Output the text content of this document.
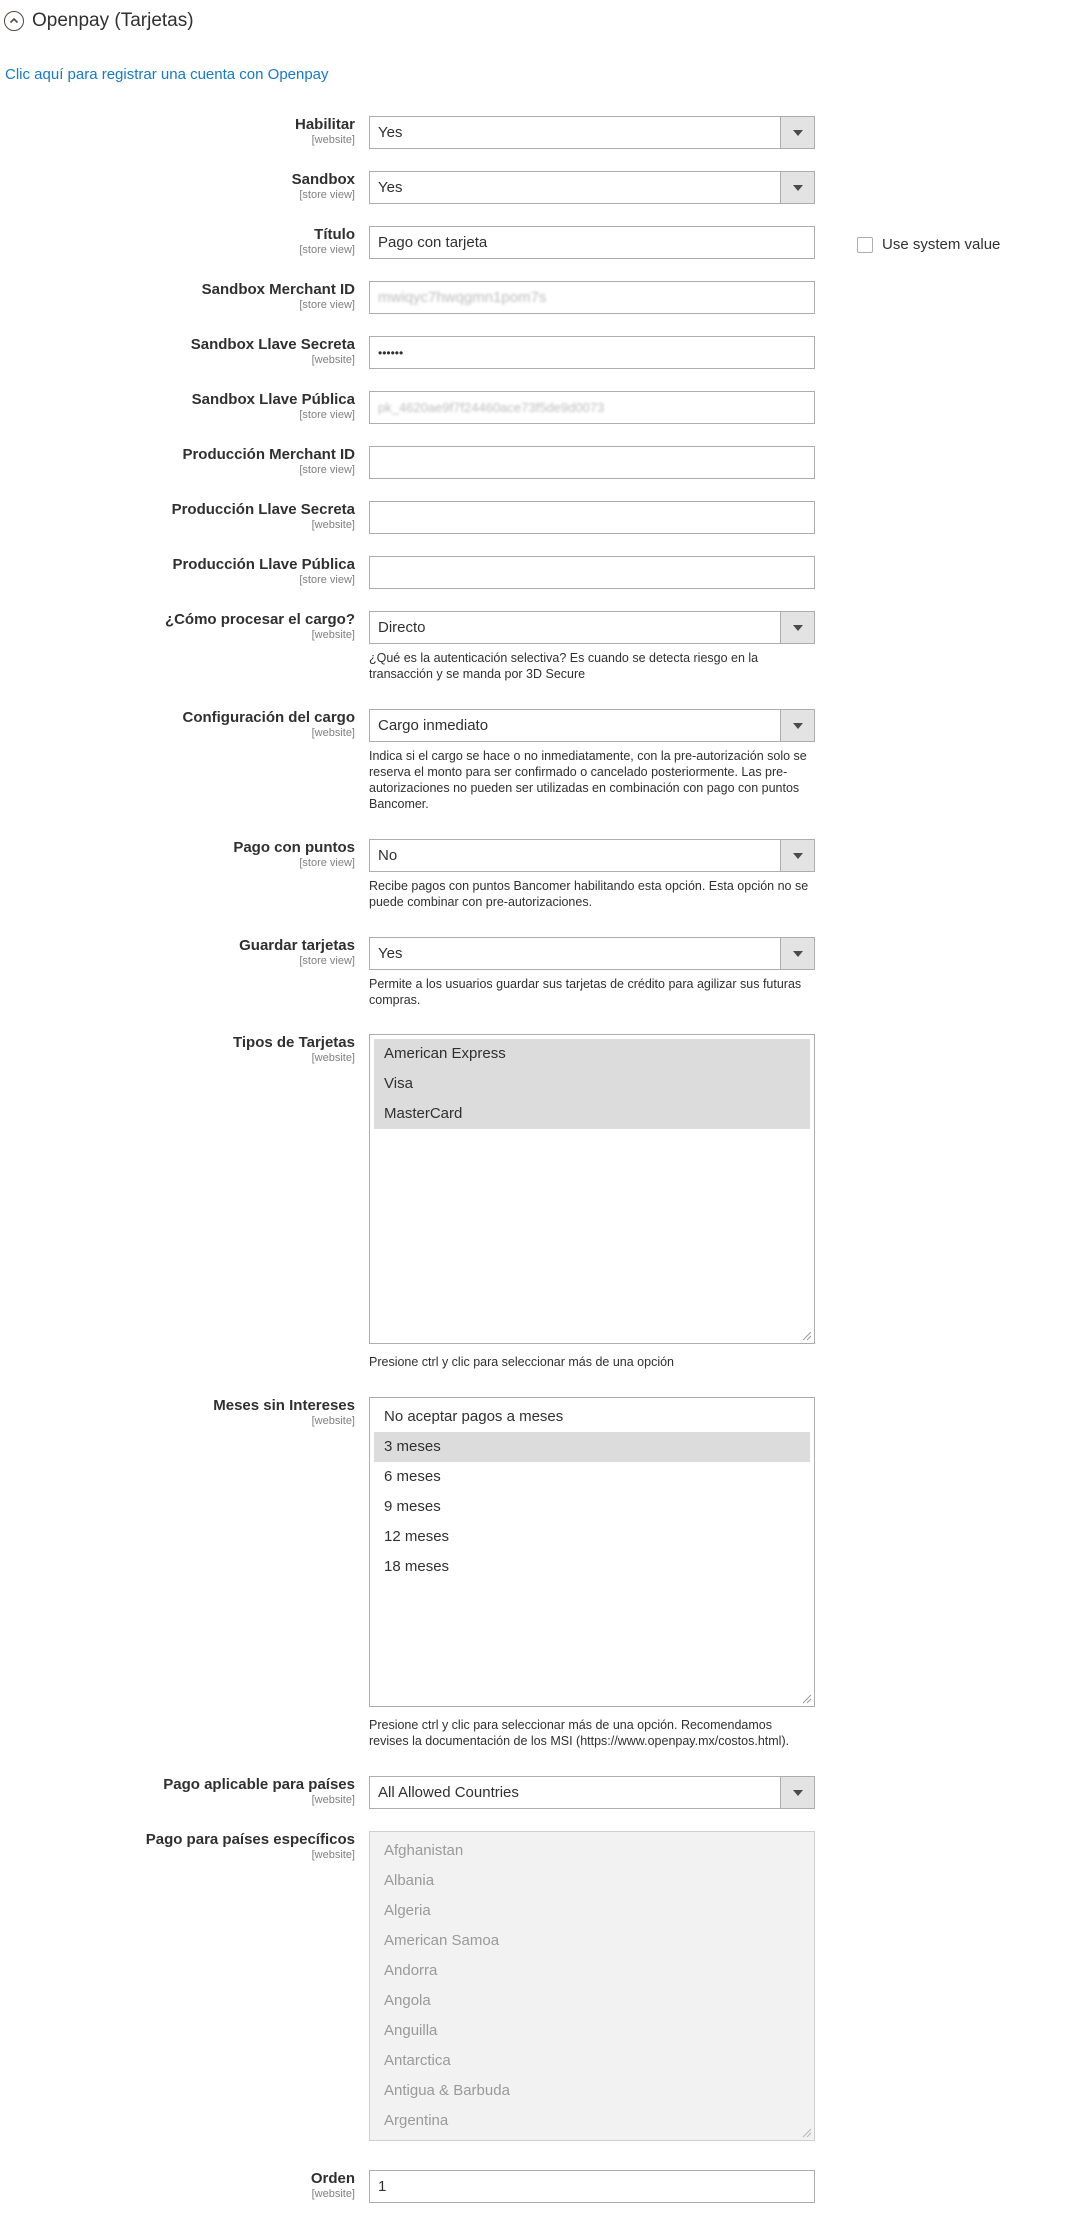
Openpay (Tarjetas)
Clic aquí para registrar una cuenta con Openpay
Habilitar
[website] Yes
Sandbox
[store view] Yes
Título
[store view]	Pago con tarjeta	Use system value
Sandbox Merchant ID
[store view] mwiqyc7hwqgmn1pom7s
Sandbox Llave Secreta
[website]
••••••
Sandbox Llave Pública
[store view] pk_4620ae9f7f24460ace73f5de9d0073
Producción Merchant ID
[store view]
Producción Llave Secreta
[website]
Producción Llave Pública
[store view]
¿Cómo procesar el cargo?
[website] Directo
¿Qué es la autenticación selectiva? Es cuando se detecta riesgo en la transacción y se manda por 3D Secure
Configuración del cargo
[website] Cargo inmediato
Indica si el cargo se hace o no inmediatamente, con la pre-autorización solo se reserva el monto para ser confirmado o cancelado posteriormente. Las pre-autorizaciones no pueden ser utilizadas en combinación con pago con puntos Bancomer.
Pago con puntos
[store view] No
Recibe pagos con puntos Bancomer habilitando esta opción. Esta opción no se puede combinar con pre-autorizaciones.
Guardar tarjetas
[store view] Yes
Permite a los usuarios guardar sus tarjetas de crédito para agilizar sus futuras compras.
Tipos de Tarjetas
[website]	American Express
Visa
MasterCard
Presione ctrl y clic para seleccionar más de una opción
Meses sin Intereses
[website]	No aceptar pagos a meses
3 meses
6 meses
9 meses
12 meses
18 meses
Presione ctrl y clic para seleccionar más de una opción. Recomendamos revises la documentación de los MSI (https://www.openpay.mx/costos.html).
Pago aplicable para países
[website] All Allowed Countries
Pago para países específicos
[website]	Afghanistan
Albania
Algeria
American Samoa
Andorra
Angola
Anguilla
Antarctica
Antigua & Barbuda
Argentina
Orden
[website]	1
